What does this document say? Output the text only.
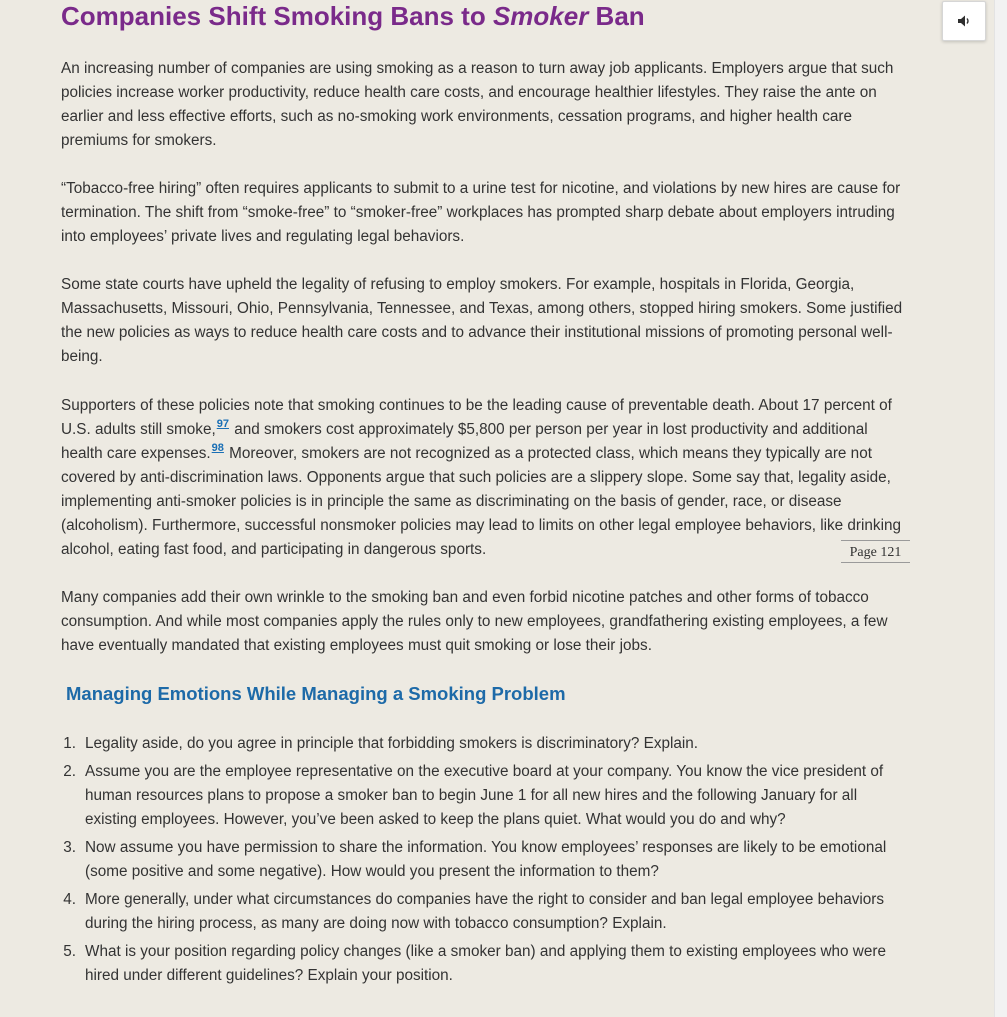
Companies Shift Smoking Bans to Smoker Ban

An increasing number of companies are using smoking as a reason to turn away job applicants. Employers argue that such policies increase worker productivity, reduce health care costs, and encourage healthier lifestyles. They raise the ante on earlier and less effective efforts, such as no-smoking work environments, cessation programs, and higher health care premiums for smokers.

“Tobacco-free hiring” often requires applicants to submit to a urine test for nicotine, and violations by new hires are cause for termination. The shift from “smoke-free” to “smoker-free” workplaces has prompted sharp debate about employers intruding into employees’ private lives and regulating legal behaviors.

Some state courts have upheld the legality of refusing to employ smokers. For example, hospitals in Florida, Georgia, Massachusetts, Missouri, Ohio, Pennsylvania, Tennessee, and Texas, among others, stopped hiring smokers. Some justified the new policies as ways to reduce health care costs and to advance their institutional missions of promoting personal well-being.

Supporters of these policies note that smoking continues to be the leading cause of preventable death. About 17 percent of U.S. adults still smoke,$^{97}$ and smokers cost approximately $5,800 per person per year in lost productivity and additional health care expenses.$^{98}$ Moreover, smokers are not recognized as a protected class, which means they typically are not covered by anti-discrimination laws. Opponents argue that such policies are a slippery slope. Some say that, legality aside, implementing anti-smoker policies is in principle the same as discriminating on the basis of gender, race, or disease (alcoholism). Furthermore, successful nonsmoker policies may lead to limits on other legal employee behaviors, like drinking alcohol, eating fast food, and participating in dangerous sports.

Many companies add their own wrinkle to the smoking ban and even forbid nicotine patches and other forms of tobacco consumption. And while most companies apply the rules only to new employees, grandfathering existing employees, a few have eventually mandated that existing employees must quit smoking or lose their jobs.

Page 121
Managing Emotions While Managing a Smoking Problem
1. Legality aside, do you agree in principle that forbidding smokers is discriminatory? Explain.
2. Assume you are the employee representative on the executive board at your company. You know the vice president of human resources plans to propose a smoker ban to begin June 1 for all new hires and the following January for all existing employees. However, you’ve been asked to keep the plans quiet. What would you do and why?
3. Now assume you have permission to share the information. You know employees’ responses are likely to be emotional (some positive and some negative). How would you present the information to them?
4. More generally, under what circumstances do companies have the right to consider and ban legal employee behaviors during the hiring process, as many are doing now with tobacco consumption? Explain.
5. What is your position regarding policy changes (like a smoker ban) and applying them to existing employees who were hired under different guidelines? Explain your position.
